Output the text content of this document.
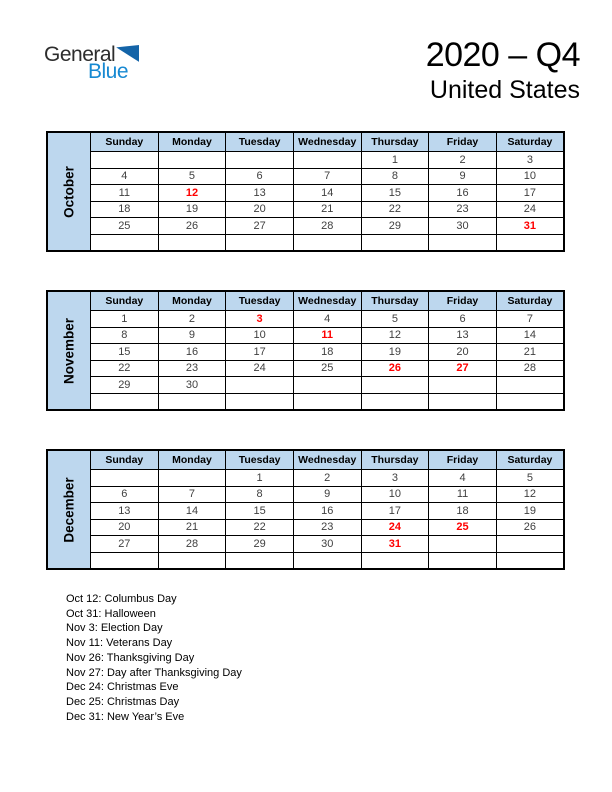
General
Blue	2020 – Q4
United States
October	Sunday	Monday	Tuesday	Wednesday	Thursday	Friday	Saturday
					1	2	3
	4	5	6	7	8	9	10
	11	12	13	14	15	16	17
	18	19	20	21	22	23	24
	25	26	27	28	29	30	31

November	Sunday	Monday	Tuesday	Wednesday	Thursday	Friday	Saturday
	1	2	3	4	5	6	7
	8	9	10	11	12	13	14
	15	16	17	18	19	20	21
	22	23	24	25	26	27	28
	29	30					

December	Sunday	Monday	Tuesday	Wednesday	Thursday	Friday	Saturday
			1	2	3	4	5
	6	7	8	9	10	11	12
	13	14	15	16	17	18	19
	20	21	22	23	24	25	26
	27	28	29	30	31		

Oct 12: Columbus Day
Oct 31: Halloween
Nov 3: Election Day
Nov 11: Veterans Day
Nov 26: Thanksgiving Day
Nov 27: Day after Thanksgiving Day
Dec 24: Christmas Eve
Dec 25: Christmas Day
Dec 31: New Year’s Eve
